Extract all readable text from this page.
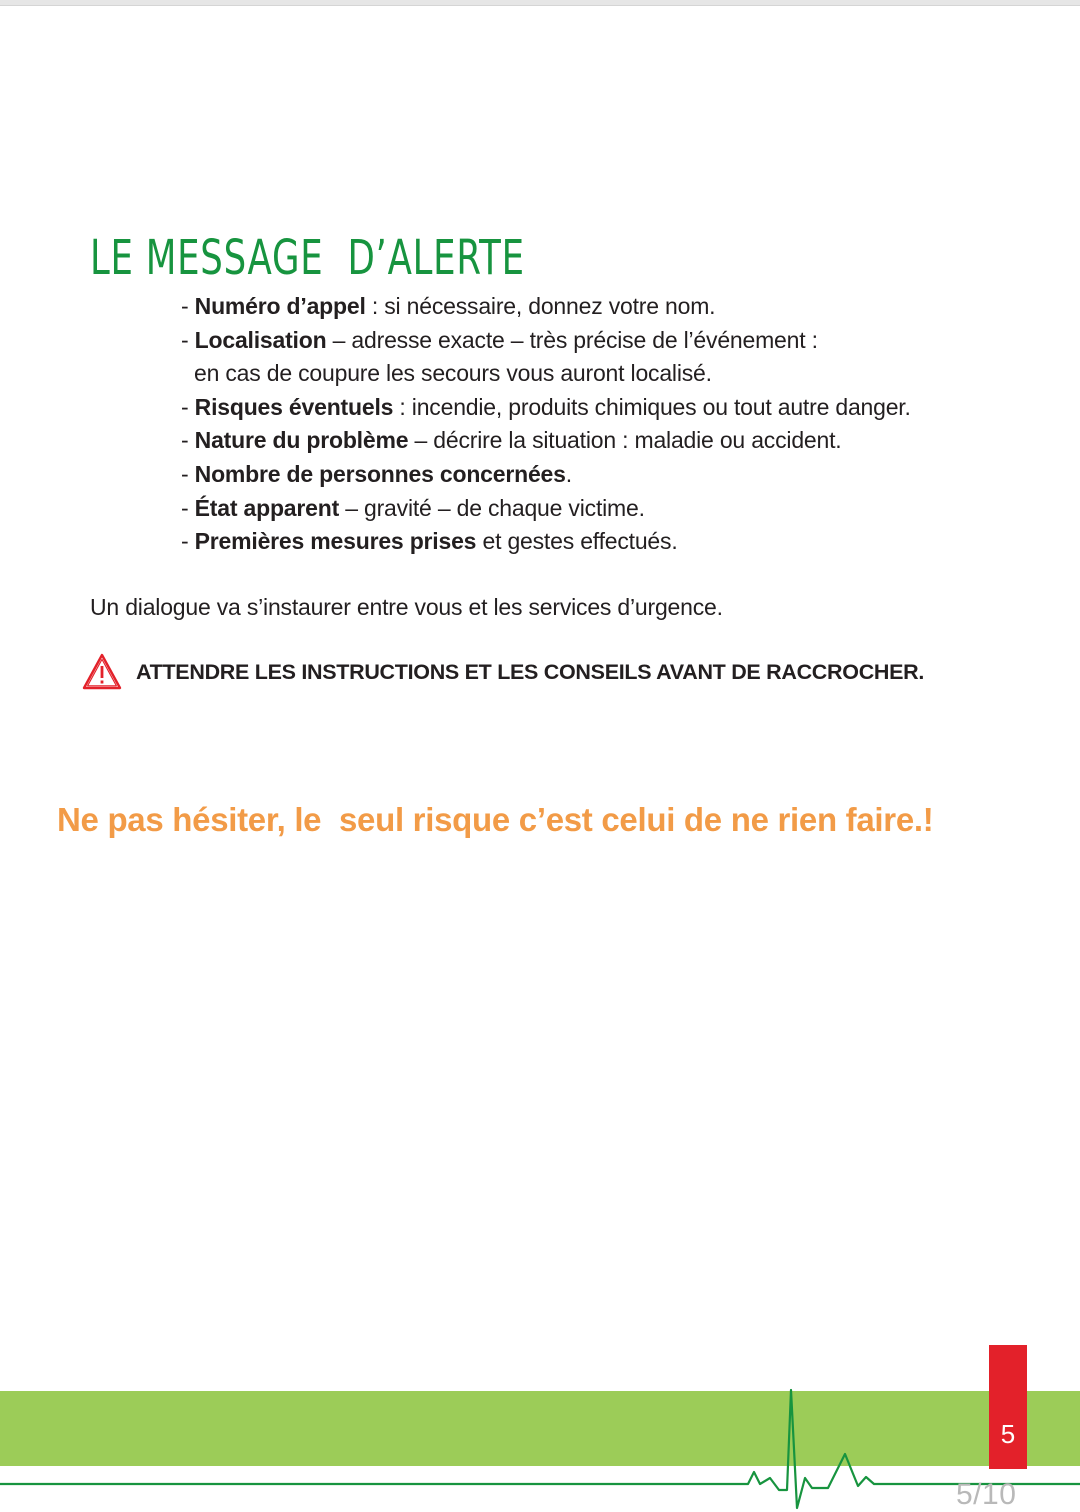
LE MESSAGE  D’ALERTE
- Numéro d’appel : si nécessaire, donnez votre nom.
- Localisation – adresse exacte – très précise de l’événement :
en cas de coupure les secours vous auront localisé.
- Risques éventuels : incendie, produits chimiques ou tout autre danger.
- Nature du problème – décrire la situation : maladie ou accident.
- Nombre de personnes concernées.
- État apparent – gravité – de chaque victime.
- Premières mesures prises et gestes effectués.

Un dialogue va s’instaurer entre vous et les services d’urgence.

ATTENDRE LES INSTRUCTIONS ET LES CONSEILS AVANT DE RACCROCHER.

Ne pas hésiter, le  seul risque c’est celui de ne rien faire.!

5
5/10
